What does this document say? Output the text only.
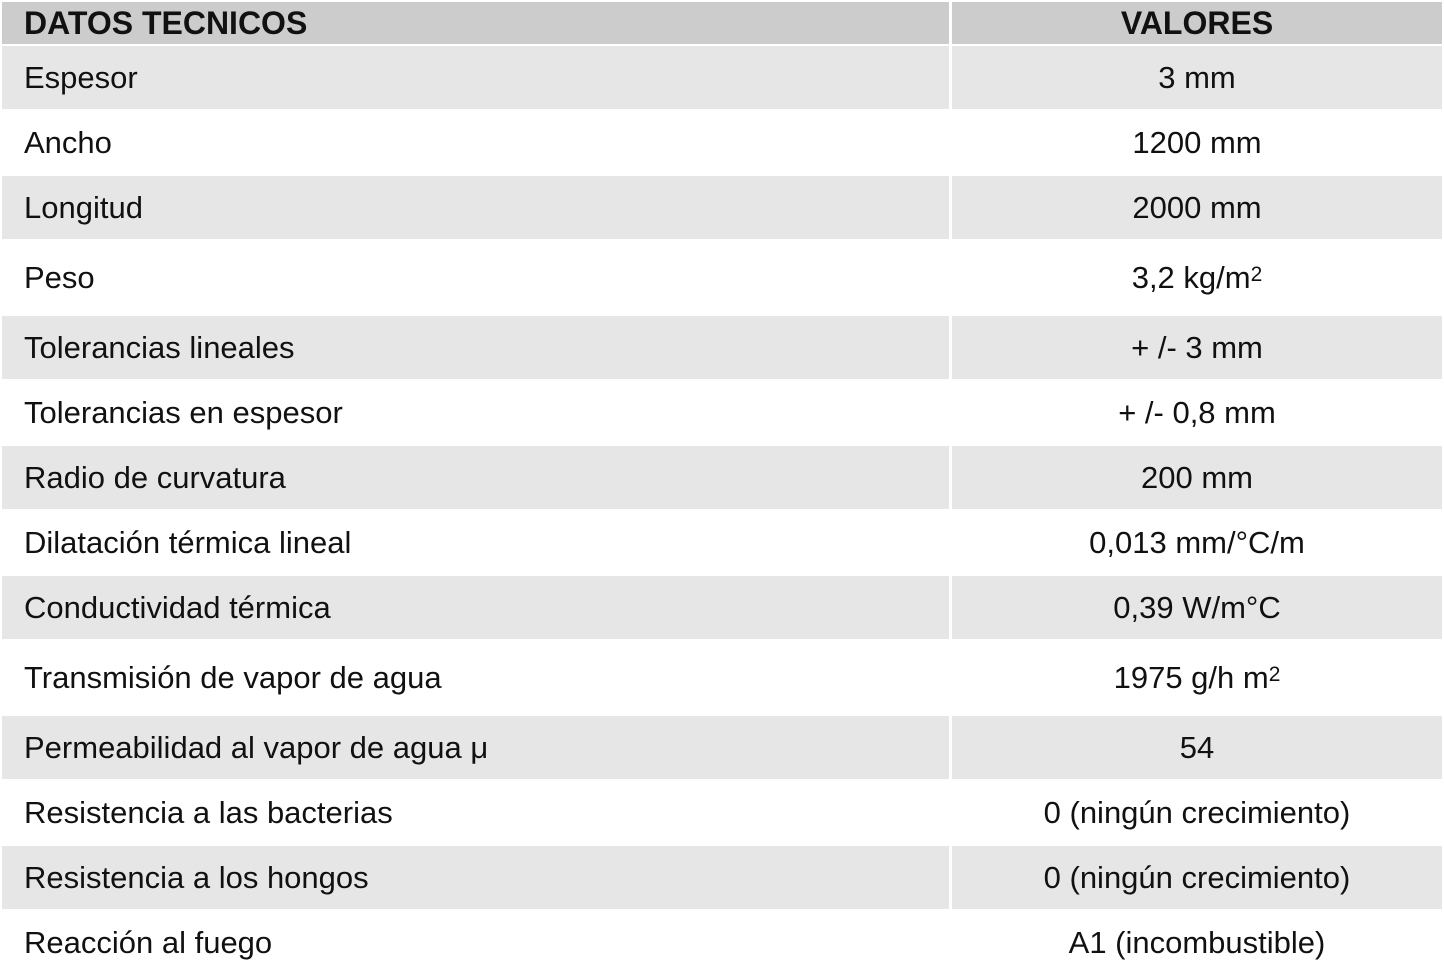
DATOS TECNICOS	VALORES
Espesor	3 mm
Ancho	1200 mm
Longitud	2000 mm
Peso	3,2 $kg/m^2$
Tolerancias lineales	+ /- 3 mm
Tolerancias en espesor	+ /- 0,8 mm
Radio de curvatura	200 mm
Dilatación térmica lineal	0,013 mm/°C/m
Conductividad térmica	0,39 W/m°C
Transmisión de vapor de agua	1975 g/h $m^2$
Permeabilidad al vapor de agua μ	54
Resistencia a las bacterias	0 (ningún crecimiento)
Resistencia a los hongos	0 (ningún crecimiento)
Reacción al fuego	A1 (incombustible)
